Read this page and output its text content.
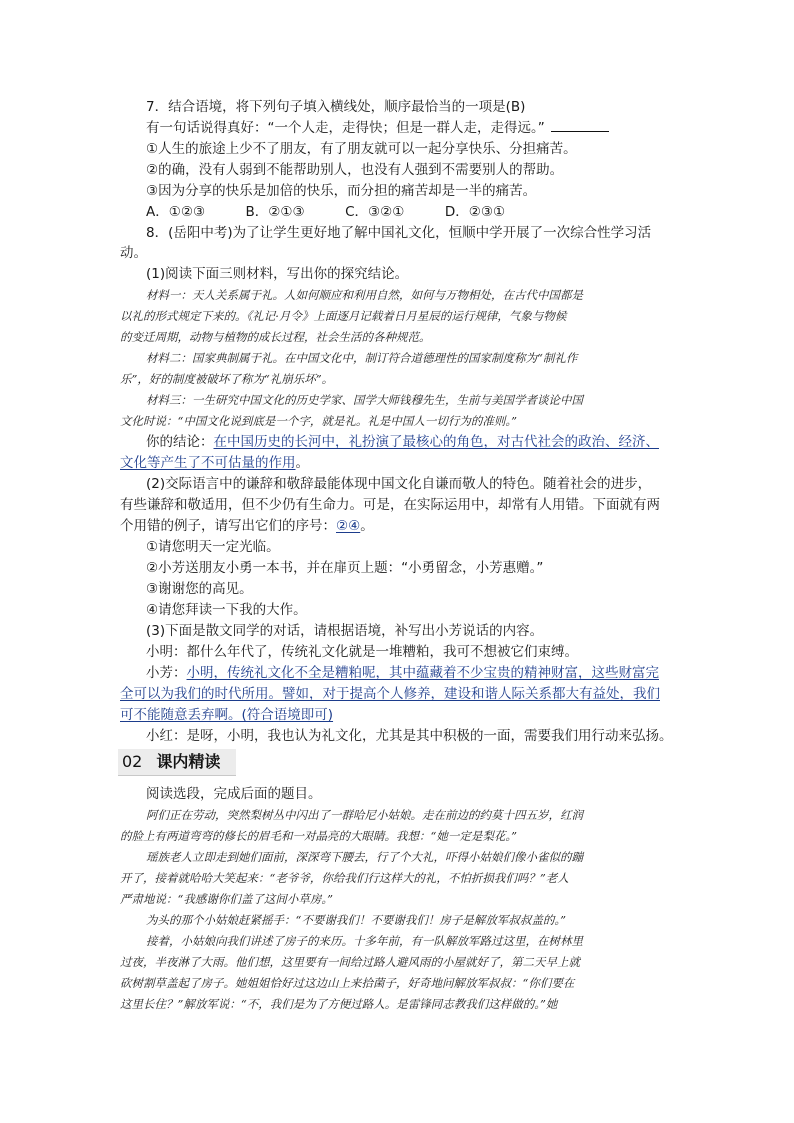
7．结合语境，将下列句子填入横线处，顺序最恰当的一项是(B)
有一句话说得真好：“一个人走，走得快；但是一群人走，走得远。”
①人生的旅途上少不了朋友，有了朋友就可以一起分享快乐、分担痛苦。
②的确，没有人弱到不能帮助别人，也没有人强到不需要别人的帮助。
③因为分享的快乐是加倍的快乐，而分担的痛苦却是一半的痛苦。
A．①②③　　　B．②①③　　　C．③②①　　　D．②③①
8．(岳阳中考)为了让学生更好地了解中国礼文化，恒顺中学开展了一次综合性学习活
动。
(1)阅读下面三则材料，写出你的探究结论。
材料一：天人关系属于礼。人如何顺应和利用自然，如何与万物相处，在古代中国都是
以礼的形式规定下来的。《礼记·月令》上面逐月记载着日月星辰的运行规律，气象与物候
的变迁周期，动物与植物的成长过程，社会生活的各种规范。
材料二：国家典制属于礼。在中国文化中，制订符合道德理性的国家制度称为“制礼作
乐”，好的制度被破坏了称为“礼崩乐坏”。
材料三：一生研究中国文化的历史学家、国学大师钱穆先生，生前与美国学者谈论中国
文化时说：“中国文化说到底是一个字，就是礼。礼是中国人一切行为的准则。”
你的结论：在中国历史的长河中，礼扮演了最核心的角色，对古代社会的政治、经济、
文化等产生了不可估量的作用。
(2)交际语言中的谦辞和敬辞最能体现中国文化自谦而敬人的特色。随着社会的进步，
有些谦辞和敬适用，但不少仍有生命力。可是，在实际运用中，却常有人用错。下面就有两
个用错的例子，请写出它们的序号：②④。
①请您明天一定光临。
②小芳送朋友小勇一本书，并在扉页上题：“小勇留念，小芳惠赠。”
③谢谢您的高见。
④请您拜读一下我的大作。
(3)下面是散文同学的对话，请根据语境，补写出小芳说话的内容。
小明：都什么年代了，传统礼文化就是一堆糟粕，我可不想被它们束缚。
小芳：小明，传统礼文化不全是糟粕呢，其中蕴藏着不少宝贵的精神财富，这些财富完
全可以为我们的时代所用。譬如，对于提高个人修养，建设和谐人际关系都大有益处，我们
可不能随意丢弃啊。(符合语境即可)
小红：是呀，小明，我也认为礼文化，尤其是其中积极的一面，需要我们用行动来弘扬。
02 课内精读
阅读选段，完成后面的题目。
阿们正在劳动，突然梨树丛中闪出了一群哈尼小姑娘。走在前边的约莫十四五岁，红润
的脸上有两道弯弯的修长的眉毛和一对晶亮的大眼睛。我想：“她一定是梨花。”
瑶族老人立即走到她们面前，深深弯下腰去，行了个大礼，吓得小姑娘们像小雀似的蹦
开了，接着就哈哈大笑起来：“老爷爷，你给我们行这样大的礼，不怕折损我们吗？”老人
严肃地说：“我感谢你们盖了这间小草房。”
为头的那个小姑娘赶紧摇手：“不要谢我们！不要谢我们！房子是解放军叔叔盖的。”
接着，小姑娘向我们讲述了房子的来历。十多年前，有一队解放军路过这里，在树林里
过夜，半夜淋了大雨。他们想，这里要有一间给过路人避风雨的小屋就好了，第二天早上就
砍树割草盖起了房子。她姐姐恰好过这边山上来拾菌子，好奇地问解放军叔叔：“你们要在
这里长住？”解放军说：“不，我们是为了方便过路人。是雷锋同志教我们这样做的。”她
